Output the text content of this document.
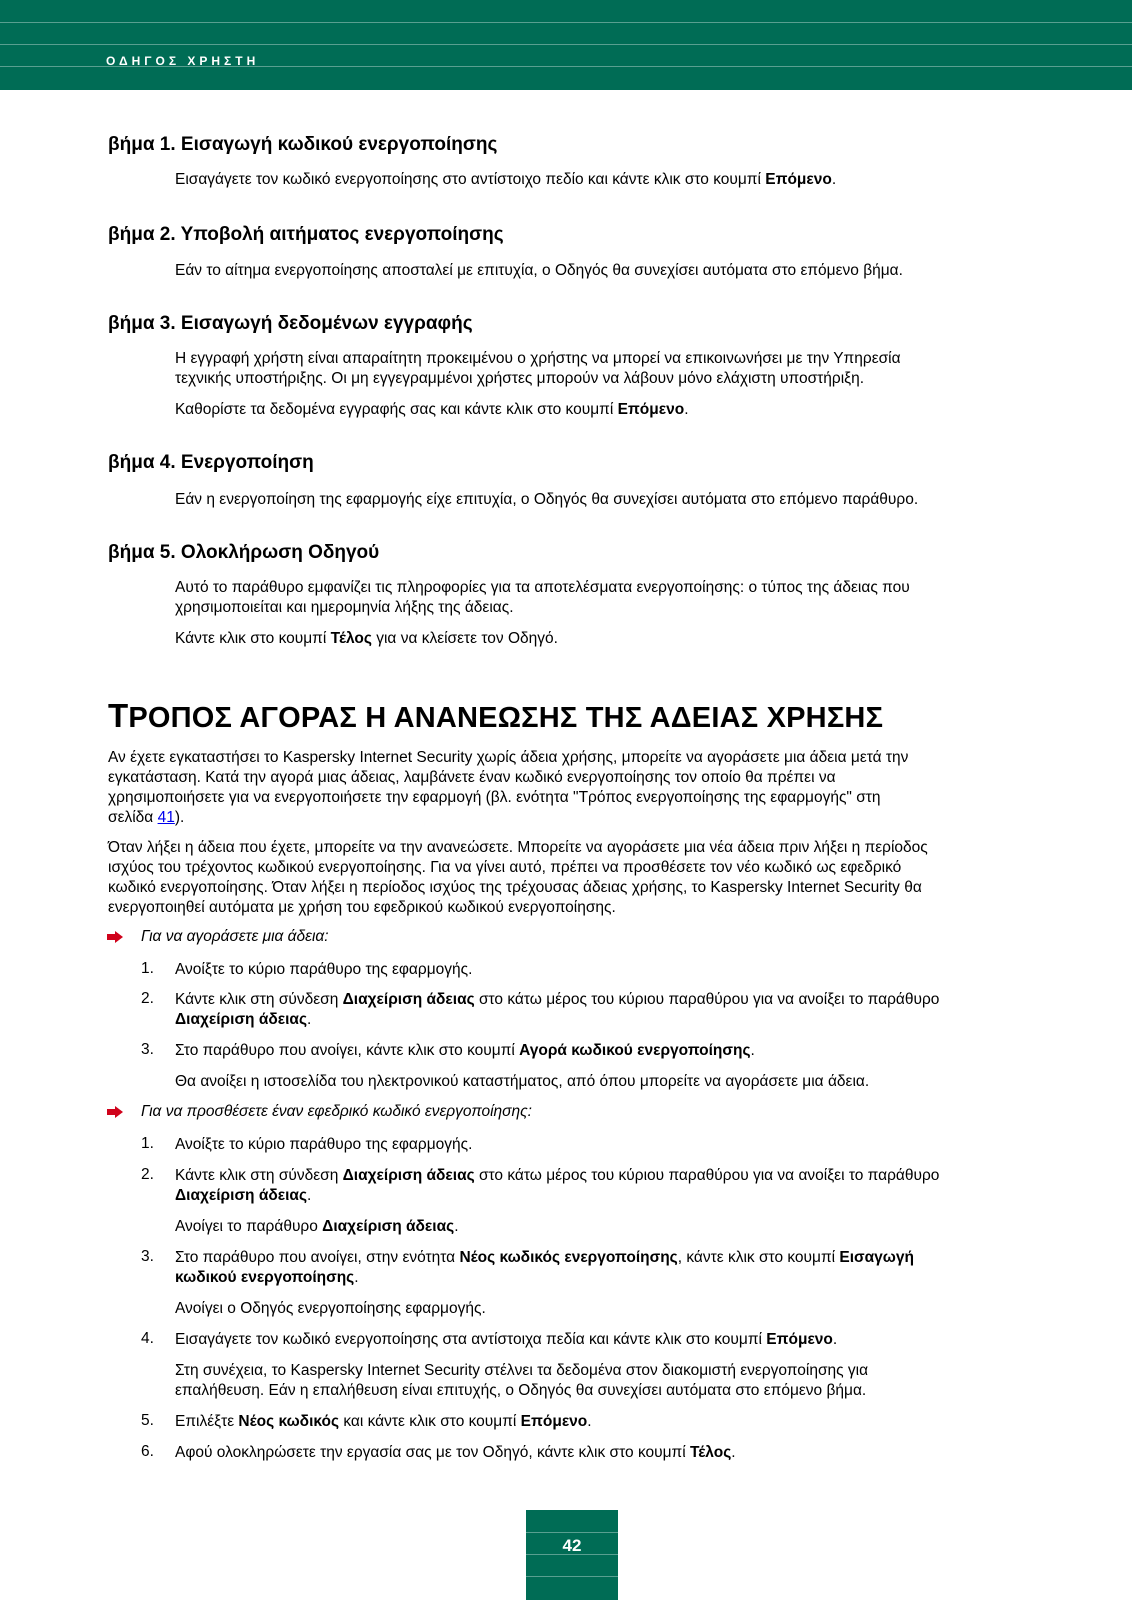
ΟΔΗΓΟΣ ΧΡΗΣΤΗ
βήμα 1. Εισαγωγή κωδικού ενεργοποίησης
Εισαγάγετε τον κωδικό ενεργοποίησης στο αντίστοιχο πεδίο και κάντε κλικ στο κουμπί Επόμενο.
βήμα 2. Υποβολή αιτήματος ενεργοποίησης
Εάν το αίτημα ενεργοποίησης αποσταλεί με επιτυχία, ο Οδηγός θα συνεχίσει αυτόματα στο επόμενο βήμα.
βήμα 3. Εισαγωγή δεδομένων εγγραφής
Η εγγραφή χρήστη είναι απαραίτητη προκειμένου ο χρήστης να μπορεί να επικοινωνήσει με την Υπηρεσία
τεχνικής υποστήριξης. Οι μη εγγεγραμμένοι χρήστες μπορούν να λάβουν μόνο ελάχιστη υποστήριξη.
Καθορίστε τα δεδομένα εγγραφής σας και κάντε κλικ στο κουμπί Επόμενο.
βήμα 4. Ενεργοποίηση
Εάν η ενεργοποίηση της εφαρμογής είχε επιτυχία, ο Οδηγός θα συνεχίσει αυτόματα στο επόμενο παράθυρο.
βήμα 5. Ολοκλήρωση Οδηγού
Αυτό το παράθυρο εμφανίζει τις πληροφορίες για τα αποτελέσματα ενεργοποίησης: ο τύπος της άδειας που
χρησιμοποιείται και ημερομηνία λήξης της άδειας.
Κάντε κλικ στο κουμπί Τέλος για να κλείσετε τον Οδηγό.
ΤΡΟΠΟΣ ΑΓΟΡΑΣ Η ΑΝΑΝΕΩΣΗΣ ΤΗΣ ΑΔΕΙΑΣ ΧΡΗΣΗΣ
Αν έχετε εγκαταστήσει το Kaspersky Internet Security χωρίς άδεια χρήσης, μπορείτε να αγοράσετε μια άδεια μετά την
εγκατάσταση. Κατά την αγορά μιας άδειας, λαμβάνετε έναν κωδικό ενεργοποίησης τον οποίο θα πρέπει να
χρησιμοποιήσετε για να ενεργοποιήσετε την εφαρμογή (βλ. ενότητα "Τρόπος ενεργοποίησης της εφαρμογής" στη
σελίδα 41).
Όταν λήξει η άδεια που έχετε, μπορείτε να την ανανεώσετε. Μπορείτε να αγοράσετε μια νέα άδεια πριν λήξει η περίοδος
ισχύος του τρέχοντος κωδικού ενεργοποίησης. Για να γίνει αυτό, πρέπει να προσθέσετε τον νέο κωδικό ως εφεδρικό
κωδικό ενεργοποίησης. Όταν λήξει η περίοδος ισχύος της τρέχουσας άδειας χρήσης, το Kaspersky Internet Security θα
ενεργοποιηθεί αυτόματα με χρήση του εφεδρικού κωδικού ενεργοποίησης.
Για να αγοράσετε μια άδεια:
1. Ανοίξτε το κύριο παράθυρο της εφαρμογής.
2. Κάντε κλικ στη σύνδεση Διαχείριση άδειας στο κάτω μέρος του κύριου παραθύρου για να ανοίξει το παράθυρο
Διαχείριση άδειας.
3. Στο παράθυρο που ανοίγει, κάντε κλικ στο κουμπί Αγορά κωδικού ενεργοποίησης.
Θα ανοίξει η ιστοσελίδα του ηλεκτρονικού καταστήματος, από όπου μπορείτε να αγοράσετε μια άδεια.
Για να προσθέσετε έναν εφεδρικό κωδικό ενεργοποίησης:
1. Ανοίξτε το κύριο παράθυρο της εφαρμογής.
2. Κάντε κλικ στη σύνδεση Διαχείριση άδειας στο κάτω μέρος του κύριου παραθύρου για να ανοίξει το παράθυρο
Διαχείριση άδειας.
Ανοίγει το παράθυρο Διαχείριση άδειας.
3. Στο παράθυρο που ανοίγει, στην ενότητα Νέος κωδικός ενεργοποίησης, κάντε κλικ στο κουμπί Εισαγωγή
κωδικού ενεργοποίησης.
Ανοίγει ο Οδηγός ενεργοποίησης εφαρμογής.
4. Εισαγάγετε τον κωδικό ενεργοποίησης στα αντίστοιχα πεδία και κάντε κλικ στο κουμπί Επόμενο.
Στη συνέχεια, το Kaspersky Internet Security στέλνει τα δεδομένα στον διακομιστή ενεργοποίησης για
επαλήθευση. Εάν η επαλήθευση είναι επιτυχής, ο Οδηγός θα συνεχίσει αυτόματα στο επόμενο βήμα.
5. Επιλέξτε Νέος κωδικός και κάντε κλικ στο κουμπί Επόμενο.
6. Αφού ολοκληρώσετε την εργασία σας με τον Οδηγό, κάντε κλικ στο κουμπί Τέλος.
42
